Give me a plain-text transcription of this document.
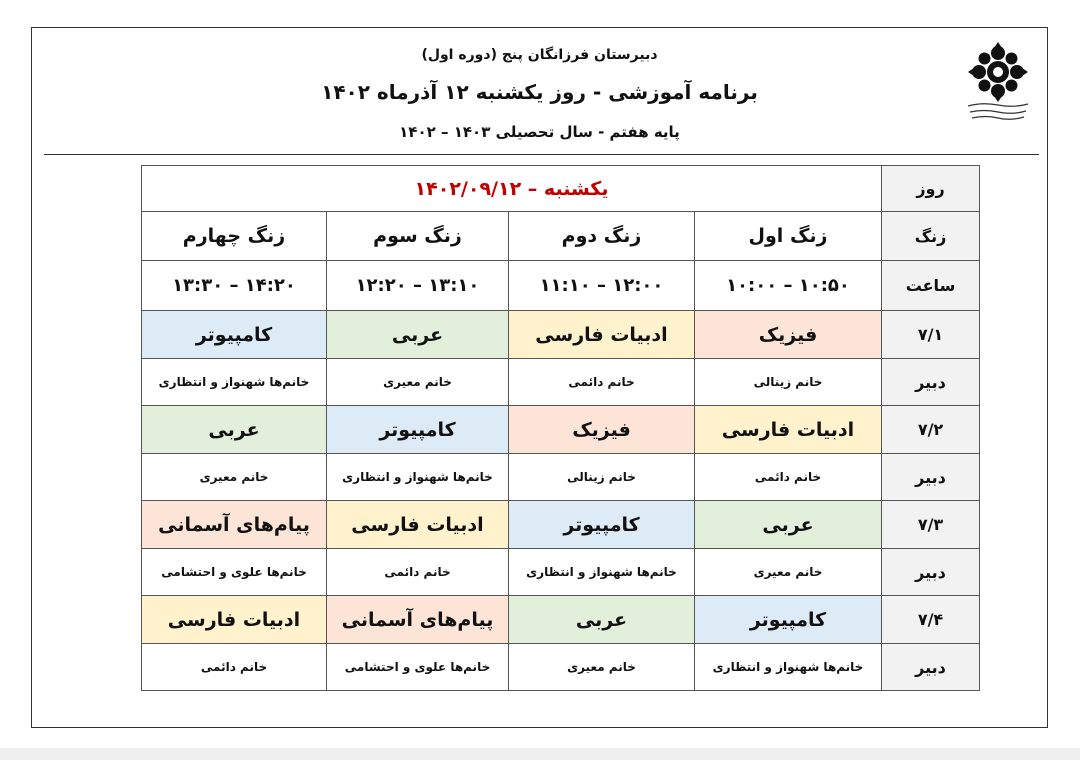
دبیرستان فرزانگان پنج (دوره اول)
برنامه آموزشی - روز یکشنبه ۱۲ آذرماه ۱۴۰۲
پایه هفتم - سال تحصیلی ۱۴۰۳ – ۱۴۰۲
روز	یکشنبه – ۱۴۰۲/۰۹/۱۲			
زنگ	زنگ اول	زنگ دوم	زنگ سوم	زنگ چهارم
ساعت	۱۰:۵۰ – ۱۰:۰۰	۱۲:۰۰ – ۱۱:۱۰	۱۳:۱۰ – ۱۲:۲۰	۱۴:۲۰ – ۱۳:۳۰
۷/۱	فیزیک	ادبیات فارسی	عربی	کامپیوتر
دبیر	خانم زینالی	خانم دائمی	خانم معیری	خانم‌ها شهنواز و انتظاری
۷/۲	ادبیات فارسی	فیزیک	کامپیوتر	عربی
دبیر	خانم دائمی	خانم زینالی	خانم‌ها شهنواز و انتظاری	خانم معیری
۷/۳	عربی	کامپیوتر	ادبیات فارسی	پیام‌های آسمانی
دبیر	خانم معیری	خانم‌ها شهنواز و انتظاری	خانم دائمی	خانم‌ها علوی و احتشامی
۷/۴	کامپیوتر	عربی	پیام‌های آسمانی	ادبیات فارسی
دبیر	خانم‌ها شهنواز و انتظاری	خانم معیری	خانم‌ها علوی و احتشامی	خانم دائمی
